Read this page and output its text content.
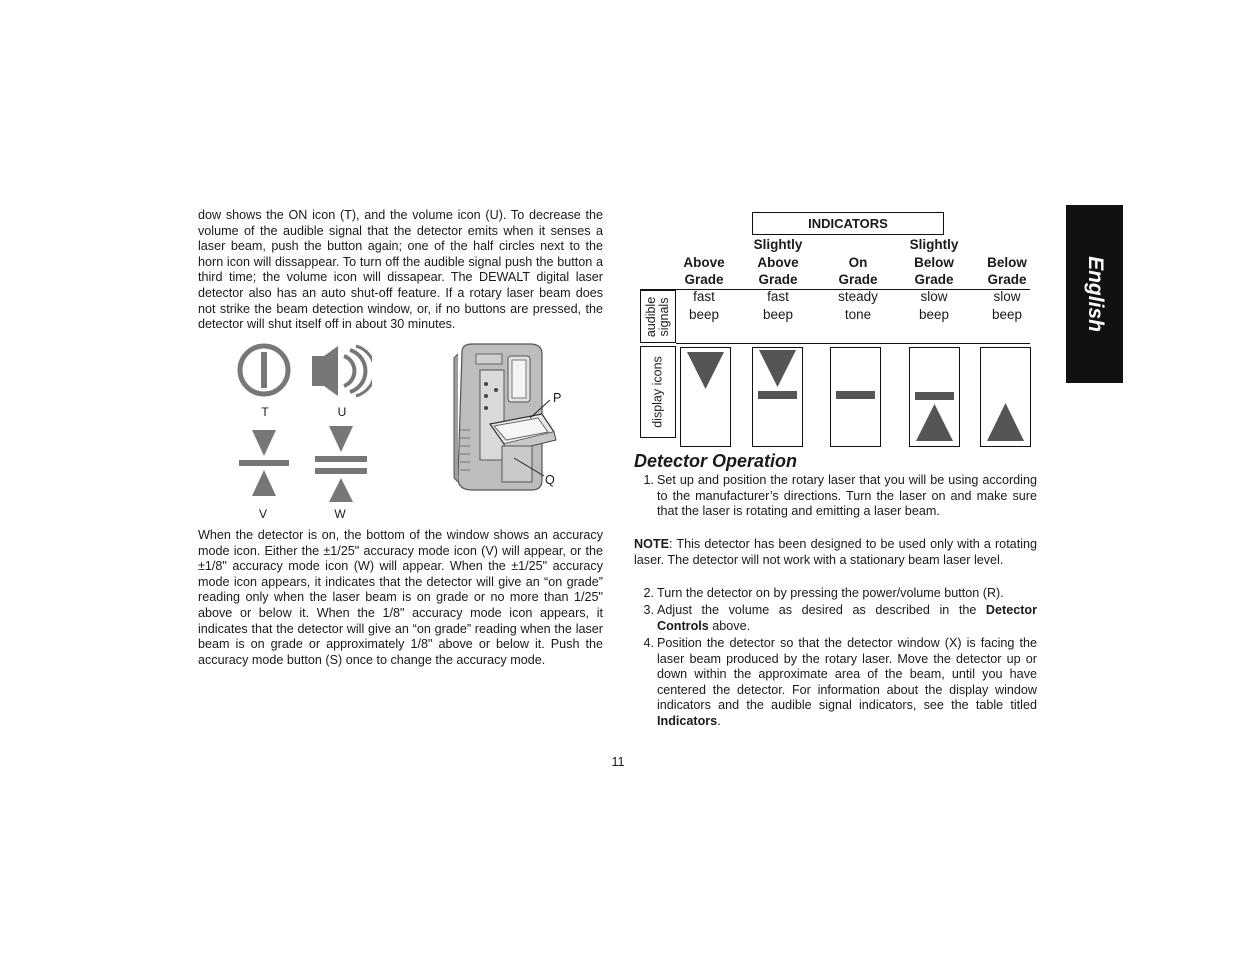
dow shows the ON icon (T), and the volume icon (U). To decrease the volume of the audible signal that the detector emits when it senses a laser beam, push the button again; one of the half circles next to the horn icon will dissappear. To turn off the audible signal push the button a third time; the volume icon will dissapear. The DEWALT digital laser detector also has an auto shut-off feature. If a rotary laser beam does not strike the beam detection window, or, if no buttons are pressed, the detector will shut itself off in about 30 minutes.
T	U
V	W
P
Q
When the detector is on, the bottom of the window shows an accuracy mode icon. Either the ±1/25" accuracy mode icon (V) will appear, or the ±1/8" accuracy mode icon (W) will appear. When the ±1/25" accuracy mode icon appears, it indicates that the detector will give an “on grade” reading only when the laser beam is on grade or no more than 1/25" above or below it. When the 1/8" accuracy mode icon appears, it indicates that the detector will give an “on grade” reading when the laser beam is on grade or approximately 1/8" above or below it. Push the accuracy mode button (S) once to change the accuracy mode.
English
INDICATORS
Above
Grade
Slightly
Above
Grade
On
Grade
Slightly
Below
Grade
Below
Grade
audible signals
fast
beep
fast
beep
steady
tone
slow
beep
slow
beep
display icons
Detector Operation
1. Set up and position the rotary laser that you will be using according to the manufacturer’s directions. Turn the laser on and make sure that the laser is rotating and emitting a laser beam.
NOTE: This detector has been designed to be used only with a rotating laser. The detector will not work with a stationary beam laser level.
2. Turn the detector on by pressing the power/volume button (R).
3. Adjust the volume as desired as described in the Detector Controls above.
4. Position the detector so that the detector window (X) is facing the laser beam produced by the rotary laser. Move the detector up or down within the approximate area of the beam, until you have centered the detector. For information about the display window indicators and the audible signal indicators, see the table titled Indicators.
11
